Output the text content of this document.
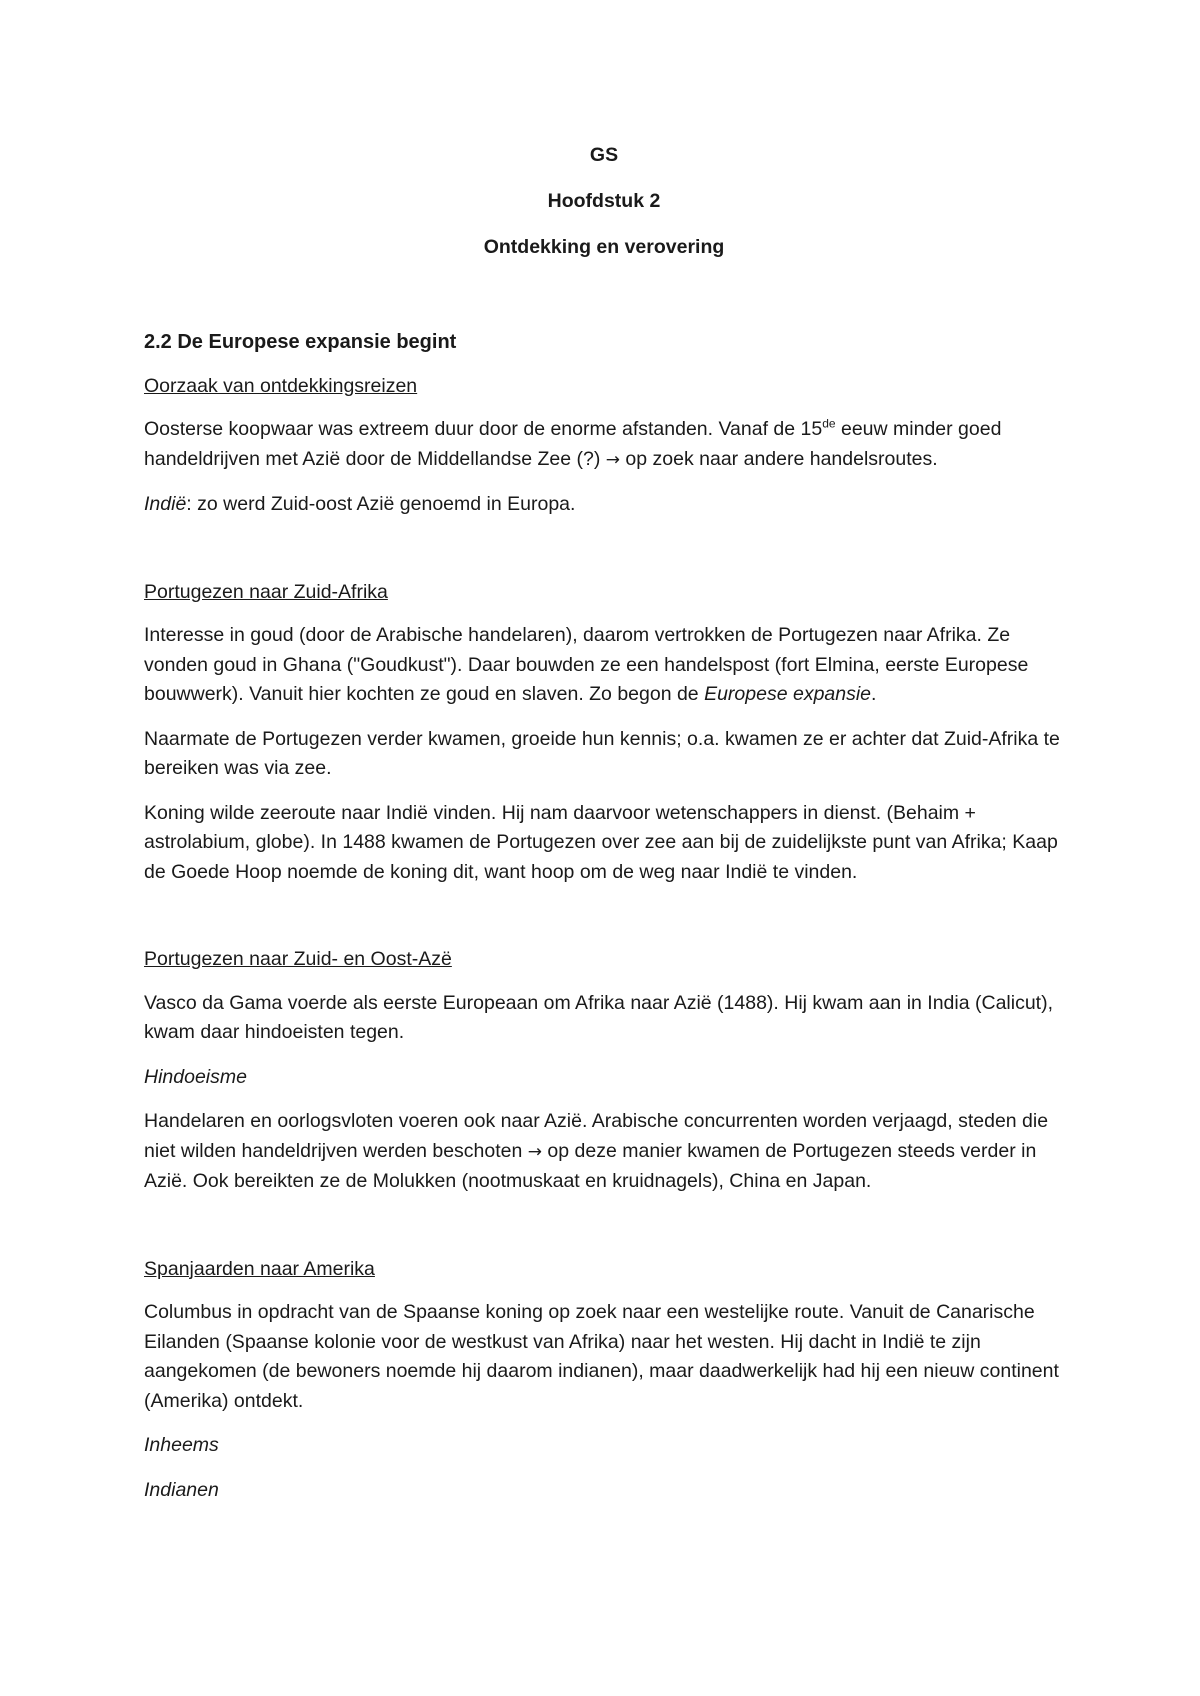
GS
Hoofdstuk 2
Ontdekking en verovering
2.2 De Europese expansie begint
Oorzaak van ontdekkingsreizen

Oosterse koopwaar was extreem duur door de enorme afstanden. Vanaf de 15de eeuw minder goed handeldrijven met Azië door de Middellandse Zee (?) → op zoek naar andere handelsroutes.

Indië: zo werd Zuid-oost Azië genoemd in Europa.

Portugezen naar Zuid-Afrika

Interesse in goud (door de Arabische handelaren), daarom vertrokken de Portugezen naar Afrika. Ze vonden goud in Ghana ("Goudkust"). Daar bouwden ze een handelspost (fort Elmina, eerste Europese bouwwerk). Vanuit hier kochten ze goud en slaven. Zo begon de Europese expansie.

Naarmate de Portugezen verder kwamen, groeide hun kennis; o.a. kwamen ze er achter dat Zuid-Afrika te bereiken was via zee.

Koning wilde zeeroute naar Indië vinden. Hij nam daarvoor wetenschappers in dienst. (Behaim + astrolabium, globe). In 1488 kwamen de Portugezen over zee aan bij de zuidelijkste punt van Afrika; Kaap de Goede Hoop noemde de koning dit, want hoop om de weg naar Indië te vinden.

Portugezen naar Zuid- en Oost-Azë

Vasco da Gama voerde als eerste Europeaan om Afrika naar Azië (1488). Hij kwam aan in India (Calicut), kwam daar hindoeisten tegen.

Hindoeisme

Handelaren en oorlogsvloten voeren ook naar Azië. Arabische concurrenten worden verjaagd, steden die niet wilden handeldrijven werden beschoten → op deze manier kwamen de Portugezen steeds verder in Azië. Ook bereikten ze de Molukken (nootmuskaat en kruidnagels), China en Japan.

Spanjaarden naar Amerika

Columbus in opdracht van de Spaanse koning op zoek naar een westelijke route. Vanuit de Canarische Eilanden (Spaanse kolonie voor de westkust van Afrika) naar het westen. Hij dacht in Indië te zijn aangekomen (de bewoners noemde hij daarom indianen), maar daadwerkelijk had hij een nieuw continent (Amerika) ontdekt.

Inheems

Indianen
